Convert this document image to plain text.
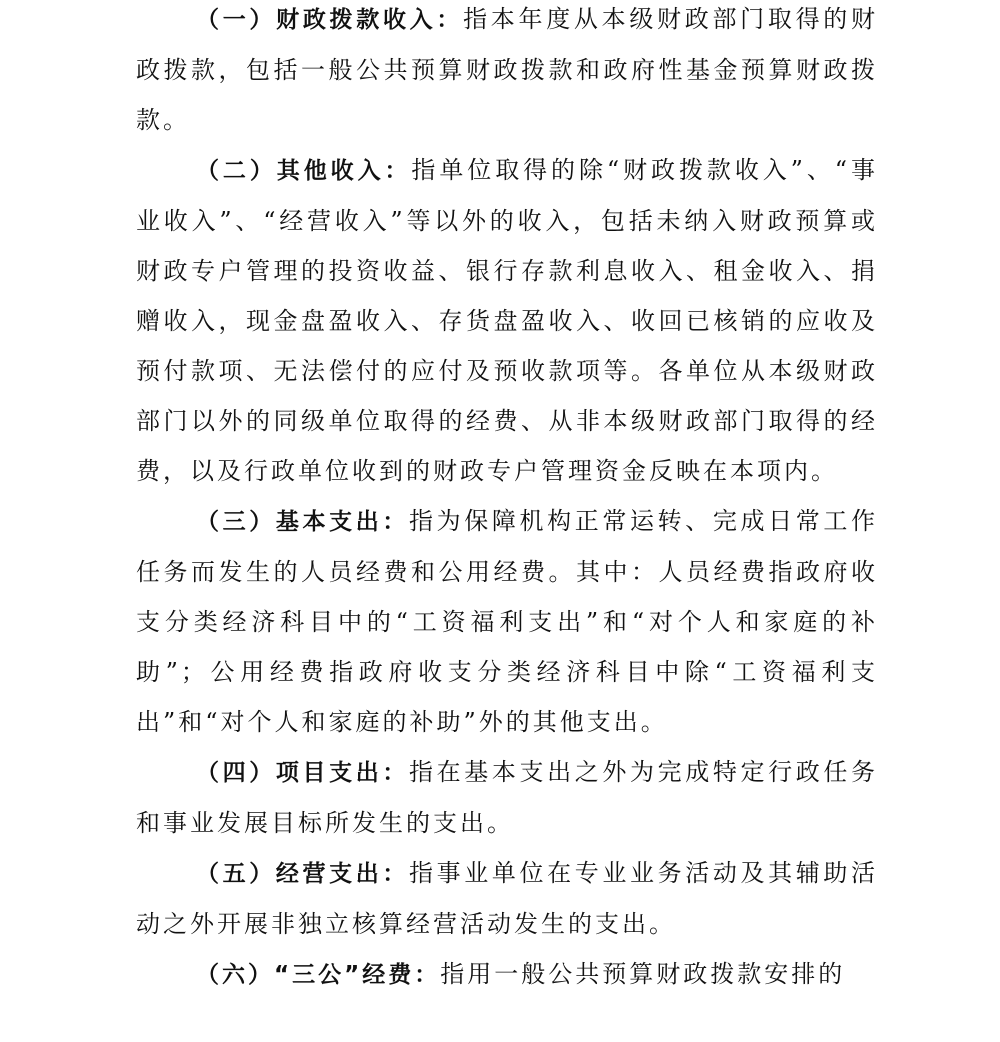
（一）财政拨款收入：指本年度从本级财政部门取得的财政拨款，包括一般公共预算财政拨款和政府性基金预算财政拨款。

（二）其他收入：指单位取得的除“财政拨款收入”、“事业收入”、“经营收入”等以外的收入，包括未纳入财政预算或财政专户管理的投资收益、银行存款利息收入、租金收入、捐赠收入，现金盘盈收入、存货盘盈收入、收回已核销的应收及预付款项、无法偿付的应付及预收款项等。各单位从本级财政部门以外的同级单位取得的经费、从非本级财政部门取得的经费，以及行政单位收到的财政专户管理资金反映在本项内。

（三）基本支出：指为保障机构正常运转、完成日常工作任务而发生的人员经费和公用经费。其中：人员经费指政府收支分类经济科目中的“工资福利支出”和“对个人和家庭的补助”；公用经费指政府收支分类经济科目中除“工资福利支出”和“对个人和家庭的补助”外的其他支出。

（四）项目支出：指在基本支出之外为完成特定行政任务和事业发展目标所发生的支出。

（五）经营支出：指事业单位在专业业务活动及其辅助活动之外开展非独立核算经营活动发生的支出。

（六）“三公”经费：指用一般公共预算财政拨款安排的
